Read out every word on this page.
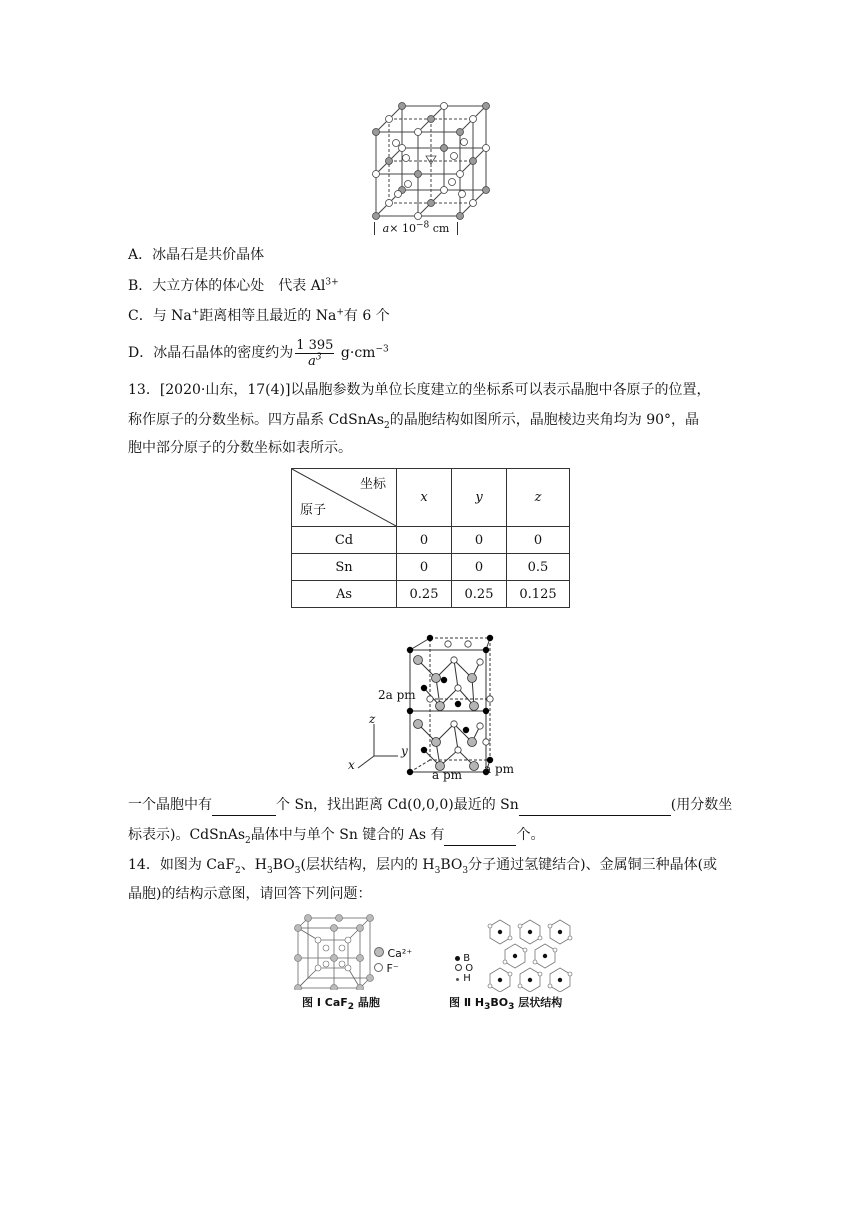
$a\times 10^{-8}$ cm
A．冰晶石是共价晶体
B．大立方体的体心处 代表 $Al^{3+}$
C．与 Na+距离相等且最近的 Na+有 6 个
D．冰晶石晶体的密度约为 $\frac{1 395}{a^3} g\cdot cm^{-3}$
13．[2020·山东，17(4)]以晶胞参数为单位长度建立的坐标系可以表示晶胞中各原子的位置，
称作原子的分数坐标。四方晶系 CdSnAs$_2$的晶胞结构如图所示，晶胞棱边夹角均为 90°，晶
胞中部分原子的分数坐标如表所示。
坐标
原子	x	y	z
Cd	0	0	0
Sn	0	0	0.5
As	0.25	0.25	0.125
2a pm
a pm a pm
z
y
x
一个晶胞中有	个 Sn，找出距离 Cd(0,0,0)最近的 Sn	(用分数坐
标表示)。CdSnAs$_2$晶体中与单个 Sn 键合的 As 有	个。
14．如图为 CaF$_2$、$H_3BO_3$(层状结构，层内的 $H_3BO_3$分子通过氢键结合)、金属铜三种晶体(或
晶胞)的结构示意图，请回答下列问题：
Ca²⁺
F⁻
图 Ⅰ CaF$_2$ 晶胞
B
O
H
图 Ⅱ $H_3BO_3$ 层状结构
